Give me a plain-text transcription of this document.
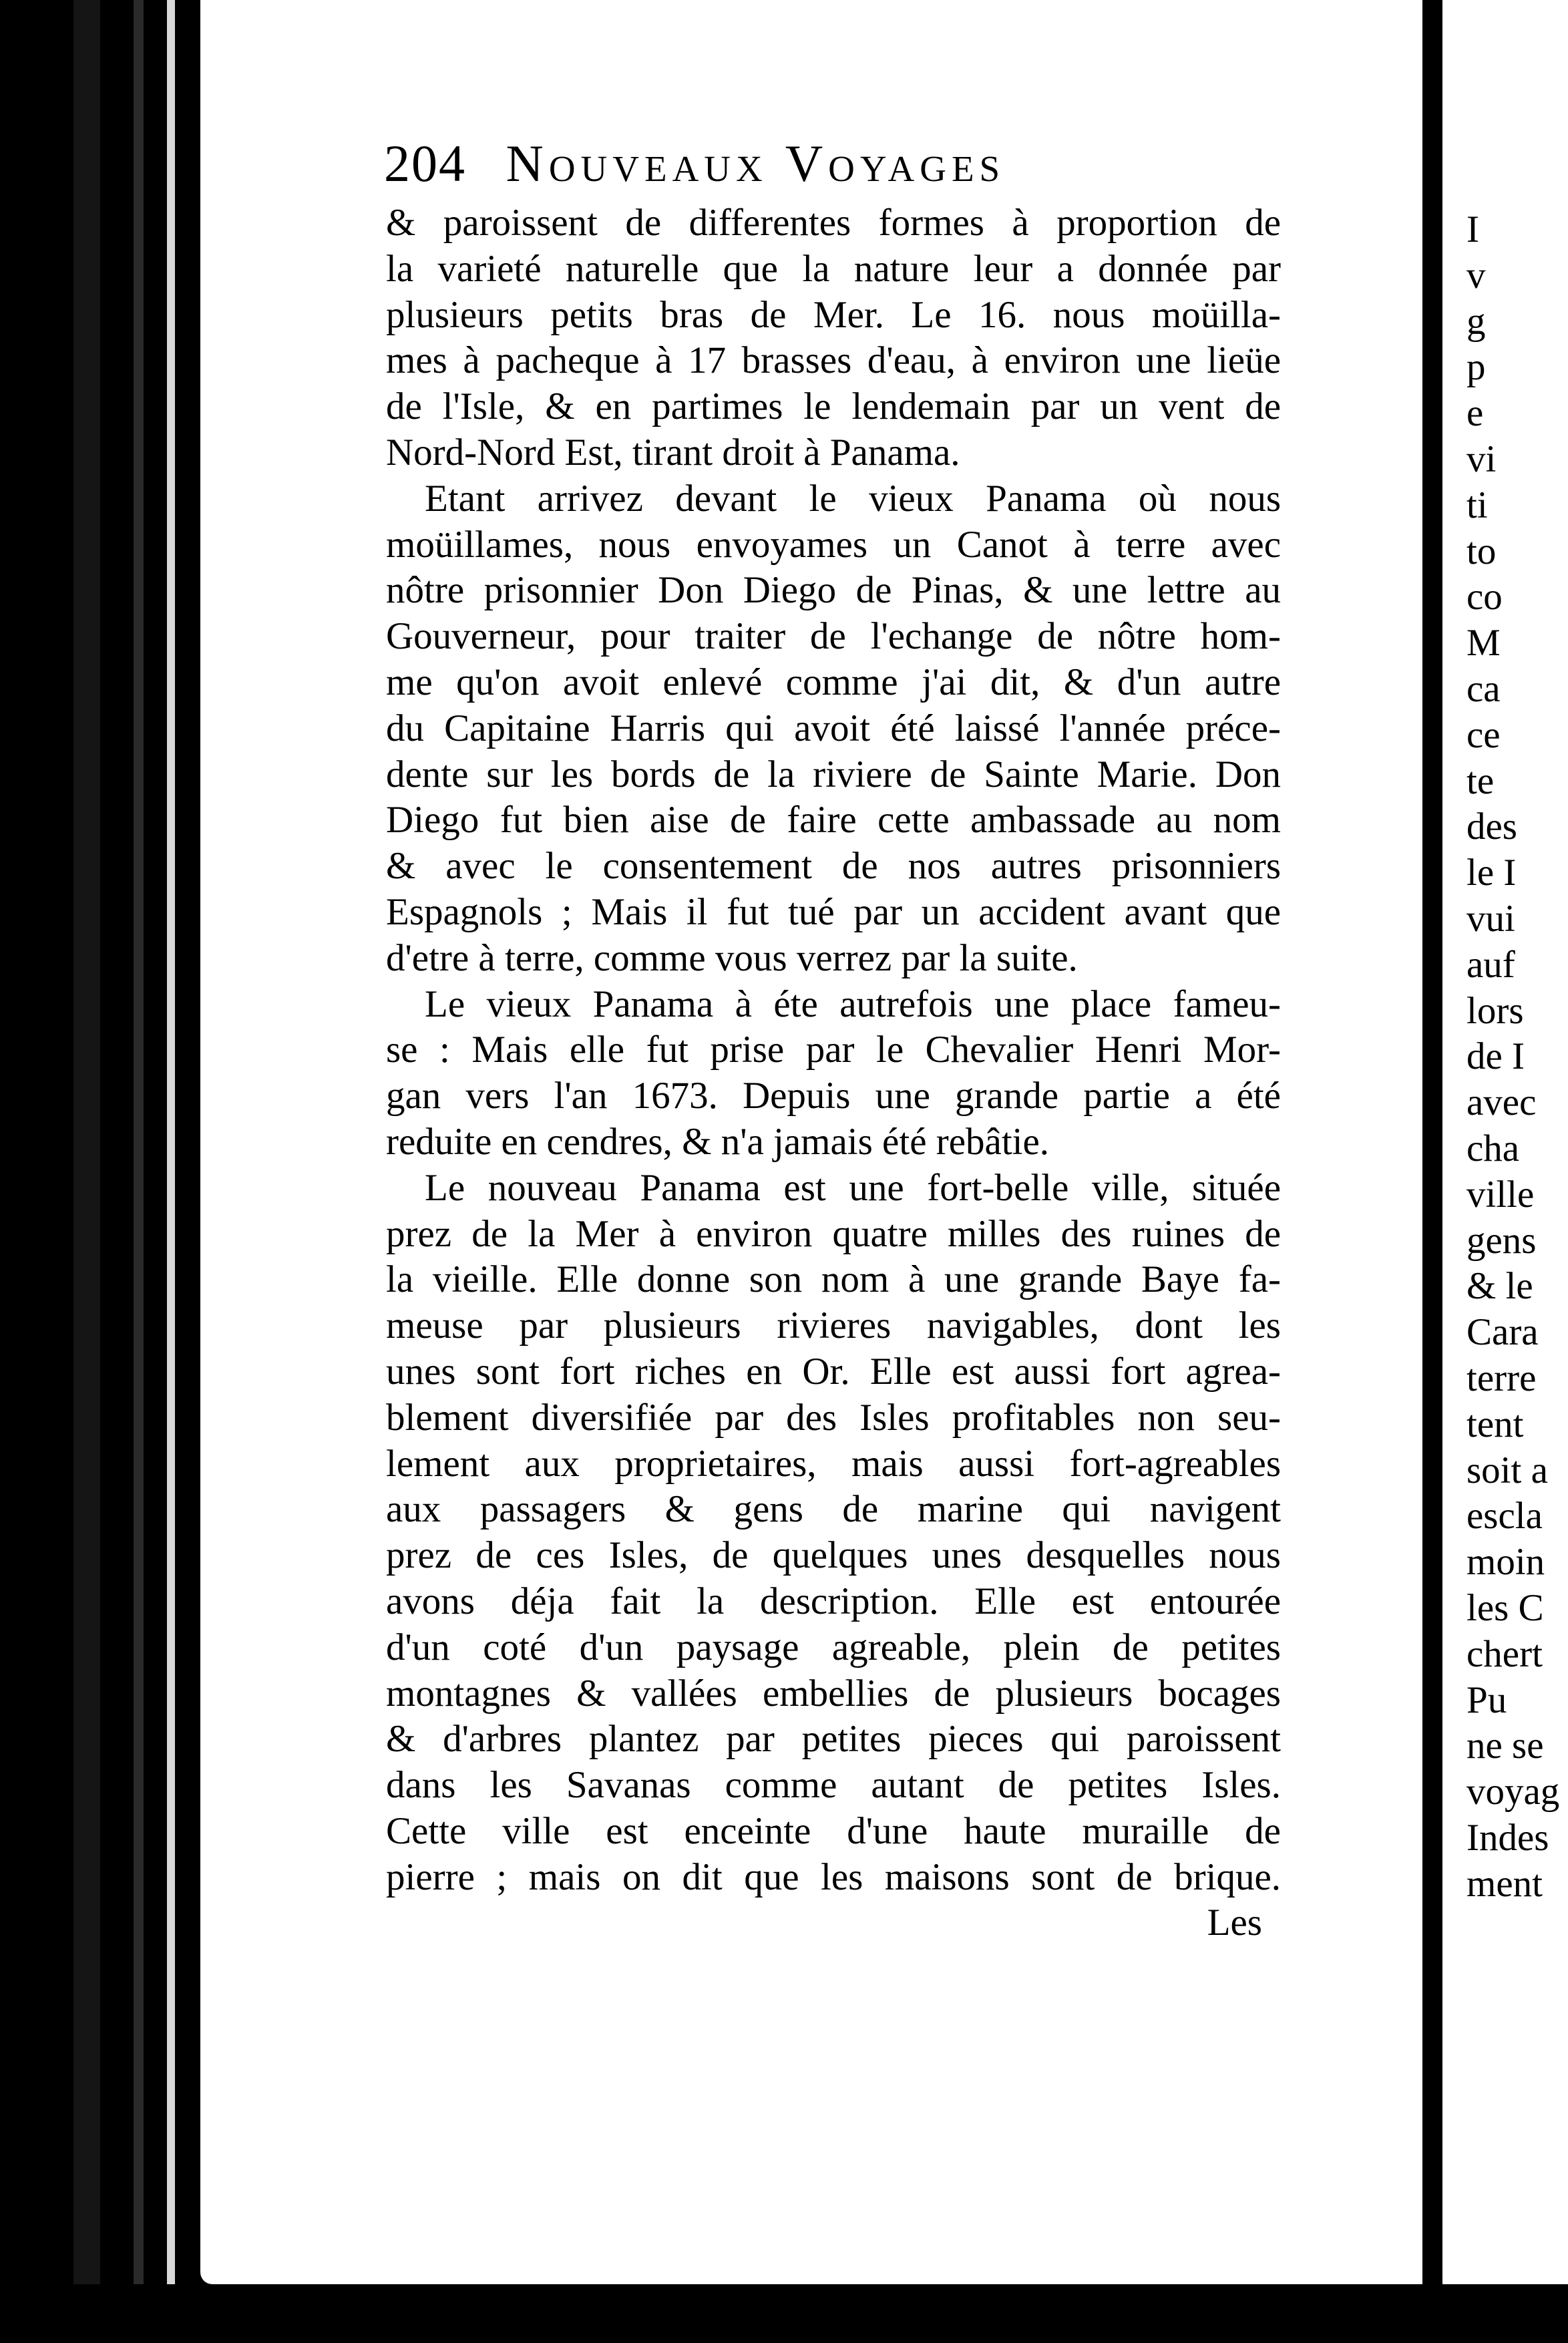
204 Nouveaux Voyages
& paroissent de differentes formes à proportion de
la varieté naturelle que la nature leur a donnée par
plusieurs petits bras de Mer. Le 16. nous moüilla-
mes à pacheque à 17 brasses d'eau, à environ une lieüe
de l'Isle, & en partimes le lendemain par un vent de
Nord-Nord Est, tirant droit à Panama.
Etant arrivez devant le vieux Panama où nous
moüillames, nous envoyames un Canot à terre avec
nôtre prisonnier Don Diego de Pinas, & une lettre au
Gouverneur, pour traiter de l'echange de nôtre hom-
me qu'on avoit enlevé comme j'ai dit, & d'un autre
du Capitaine Harris qui avoit été laissé l'année préce-
dente sur les bords de la riviere de Sainte Marie. Don
Diego fut bien aise de faire cette ambassade au nom
& avec le consentement de nos autres prisonniers
Espagnols ; Mais il fut tué par un accident avant que
d'etre à terre, comme vous verrez par la suite.
Le vieux Panama à éte autrefois une place fameu-
se : Mais elle fut prise par le Chevalier Henri Mor-
gan vers l'an 1673. Depuis une grande partie a été
reduite en cendres, & n'a jamais été rebâtie.
Le nouveau Panama est une fort-belle ville, située
prez de la Mer à environ quatre milles des ruines de
la vieille. Elle donne son nom à une grande Baye fa-
meuse par plusieurs rivieres navigables, dont les
unes sont fort riches en Or. Elle est aussi fort agrea-
blement diversifiée par des Isles profitables non seu-
lement aux proprietaires, mais aussi fort-agreables
aux passagers & gens de marine qui navigent
prez de ces Isles, de quelques unes desquelles nous
avons déja fait la description. Elle est entourée
d'un coté d'un paysage agreable, plein de petites
montagnes & vallées embellies de plusieurs bocages
& d'arbres plantez par petites pieces qui paroissent
dans les Savanas comme autant de petites Isles.
Cette ville est enceinte d'une haute muraille de
pierre ; mais on dit que les maisons sont de brique.
Les
I
v
g
p
e
vi
ti
to
co
M
ca
ce
te
des
le I
vui
auf
lors
de I
avec
cha
ville
gens
& le
Cara
terre
tent
soit a
escla
moin
les C
chert
Pu
ne se
voyag
Indes
ment
